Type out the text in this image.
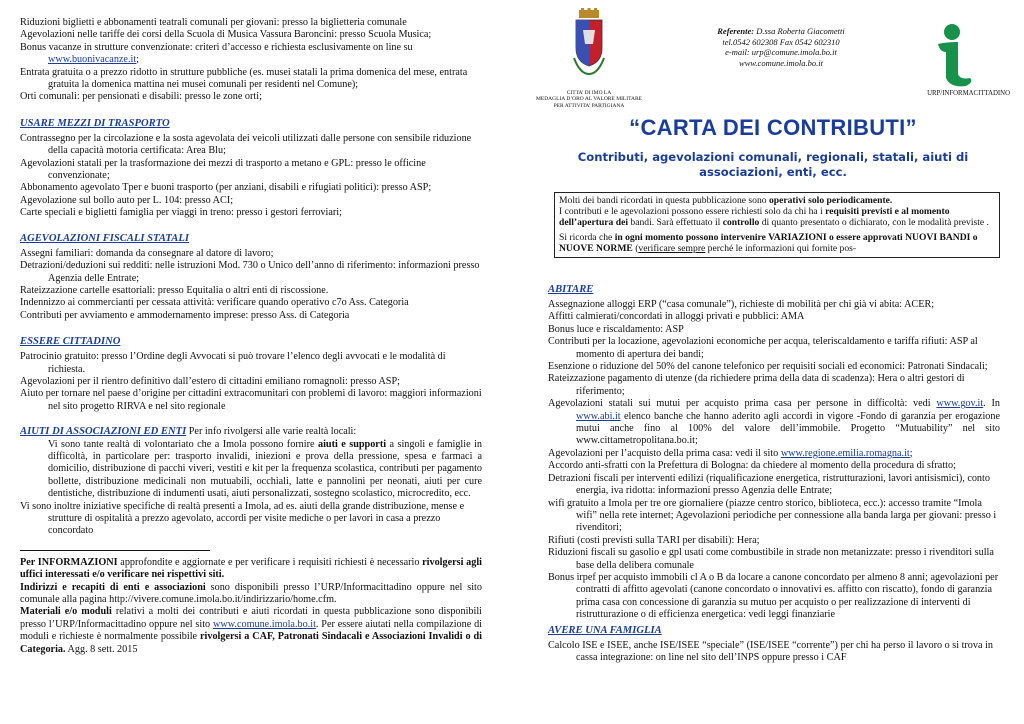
Riduzioni biglietti e abbonamenti teatrali comunali per giovani: presso la biglietteria comunale

Agevolazioni nelle tariffe dei corsi della Scuola di Musica Vassura Baroncini: presso Scuola Musica;

Bonus vacanze in strutture convenzionate: criteri d’accesso e richiesta esclusivamente on line su
www.buonivacanze.it;

Entrata gratuita o a prezzo ridotto in strutture pubbliche (es. musei statali la prima domenica del mese, entrata gratuita la domenica mattina nei musei comunali per residenti nel Comune);

Orti comunali: per pensionati e disabili: presso le zone orti;

USARE MEZZI DI TRASPORTO

Contrassegno per la circolazione e la sosta agevolata dei veicoli utilizzati dalle persone con sensibile riduzione della capacità motoria certificata: Area Blu;

Agevolazioni statali per la trasformazione dei mezzi di trasporto a metano e GPL: presso le officine convenzionate;

Abbonamento agevolato Tper e buoni trasporto (per anziani, disabili e rifugiati politici): presso ASP;

Agevolazione sul bollo auto per L. 104: presso ACI;

Carte speciali e biglietti famiglia per viaggi in treno: presso i gestori ferroviari;

AGEVOLAZIONI FISCALI STATALI

Assegni familiari: domanda da consegnare al datore di lavoro;

Detrazioni/deduzioni sui redditi: nelle istruzioni Mod. 730 o Unico dell’anno di riferimento: informazioni presso Agenzia delle Entrate;

Rateizzazione cartelle esattoriali: presso Equitalia o altri enti di riscossione.

Indennizzo ai commercianti per cessata attività: verificare quando operativo c7o Ass. Categoria

Contributi per avviamento e ammodernamento imprese: presso Ass. di Categoria

ESSERE CITTADINO

Patrocinio gratuito: presso l’Ordine degli Avvocati si può trovare l’elenco degli avvocati e le modalità di richiesta.

Agevolazioni per il rientro definitivo dall’estero di cittadini emiliano romagnoli: presso ASP;

Aiuto per tornare nel paese d’origine per cittadini extracomunitari con problemi di lavoro: maggiori informazioni nel sito progetto RIRVA e nel sito regionale

AIUTI DI ASSOCIAZIONI ED ENTI Per info rivolgersi alle varie realtà locali:

Vi sono tante realtà di volontariato che a Imola possono fornire aiuti e supporti a singoli e famiglie in difficoltà, in particolare per: trasporto invalidi, iniezioni e prova della pressione, spesa e farmaci a domicilio, distribuzione di pacchi viveri, vestiti e kit per la frequenza scolastica, contributi per pagamento bollette, distribuzione medicinali non mutuabili, occhiali, latte e pannolini per neonati, aiuti per cure dentistiche, distribuzione di indumenti usati, aiuti personalizzati, sostegno scolastico, microcredito, ecc.

Vi sono inoltre iniziative specifiche di realtà presenti a Imola, ad es. aiuti della grande distribuzione, mense e strutture di ospitalità a prezzo agevolato, accordi per visite mediche o per lavori in casa a prezzo concordato

Per INFORMAZIONI approfondite e aggiornate e per verificare i requisiti richiesti è necessario rivolgersi agli uffici interessati e/o verificare nei rispettivi siti.

Indirizzi e recapiti di enti e associazioni sono disponibili presso l’URP/Informacittadino oppure nel sito comunale alla pagina http://vivere.comune.imola.bo.it/indirizzario/home.cfm.

Materiali e/o moduli relativi a molti dei contributi e aiuti ricordati in questa pubblicazione sono disponibili presso l’URP/Informacittadino oppure nel sito www.comune.imola.bo.it. Per essere aiutati nella compilazione di moduli e richieste è normalmente possibile rivolgersi a CAF, Patronati Sindacali e Associazioni Invalidi o di Categoria. Agg. 8 sett. 2015

CITTA’ DI IMO LA
MEDAGLIA D’ORO AL VALORE MILITARE
PER ATTIVITA’ PARTIGIANA
Referente: D.ssa Roberta Giacometti
tel.0542 602308 Fax 0542 602310
e-mail: urp@comune.imola.bo.it
www.comune.imola.bo.it
URP/INFORMACITTADINO
“CARTA DEI CONTRIBUTI”
Contributi, agevolazioni comunali, regionali, statali, aiuti di associazioni, enti, ecc.

Molti dei bandi ricordati in questa pubblicazione sono operativi solo periodicamente.

I contributi e le agevolazioni possono essere richiesti solo da chi ha i requisiti previsti e al momento dell’apertura dei bandi. Sarà effettuato il controllo di quanto presentato o dichiarato, con le modalità previste .

Si ricorda che in ogni momento possono intervenire VARIAZIONI o essere approvati NUOVI BANDI o NUOVE NORME (verificare sempre perché le informazioni qui fornite pos-

ABITARE

Assegnazione alloggi ERP (“casa comunale”), richieste di mobilità per chi già vi abita: ACER;

Affitti calmierati/concordati in alloggi privati e pubblici: AMA

Bonus luce e riscaldamento: ASP

Contributi per la locazione, agevolazioni economiche per acqua, teleriscaldamento e tariffa rifiuti: ASP al momento di apertura dei bandi;

Esenzione o riduzione del 50% del canone telefonico per requisiti sociali ed economici: Patronati Sindacali;

Rateizzazione pagamento di utenze (da richiedere prima della data di scadenza): Hera o altri gestori di riferimento;

Agevolazioni statali sui mutui per acquisto prima casa per persone in difficoltà: vedi www.gov.it. In www.abi.it elenco banche che hanno aderito agli accordi in vigore -Fondo di garanzia per erogazione mutui anche fino al 100% del valore dell’immobile. Progetto “Mutuability” nel sito www.cittametropolitana.bo.it;

Agevolazioni per l’acquisto della prima casa: vedi il sito www.regione.emilia.romagna.it;

Accordo anti-sfratti con la Prefettura di Bologna: da chiedere al momento della procedura di sfratto;

Detrazioni fiscali per interventi edilizi (riqualificazione energetica, ristrutturazioni, lavori antisismici), conto energia, iva ridotta: informazioni presso Agenzia delle Entrate;

wifi gratuito a Imola per tre ore giornaliere (piazze centro storico, biblioteca, ecc.): accesso tramite “Imola wifi” nella rete internet; Agevolazioni periodiche per connessione alla banda larga per giovani: presso i rivenditori;

Rifiuti (costi previsti sulla TARI per disabili): Hera;

Riduzioni fiscali su gasolio e gpl usati come combustibile in strade non metanizzate: presso i rivenditori sulla base della delibera comunale

Bonus irpef per acquisto immobili cl A o B da locare a canone concordato per almeno 8 anni; agevolazioni per contratti di affitto agevolati (canone concordato o innovativi es. affitto con riscatto), fondo di garanzia prima casa con concessione di garanzia su mutuo per acquisto o per realizzazione di interventi di ristrutturazione o di efficienza energetica: vedi leggi finanziarie

AVERE UNA FAMIGLIA

Calcolo ISE e ISEE, anche ISE/ISEE “speciale” (ISE/ISEE “corrente”) per chi ha perso il lavoro o si trova in cassa integrazione: on line nel sito dell’INPS oppure presso i CAF
